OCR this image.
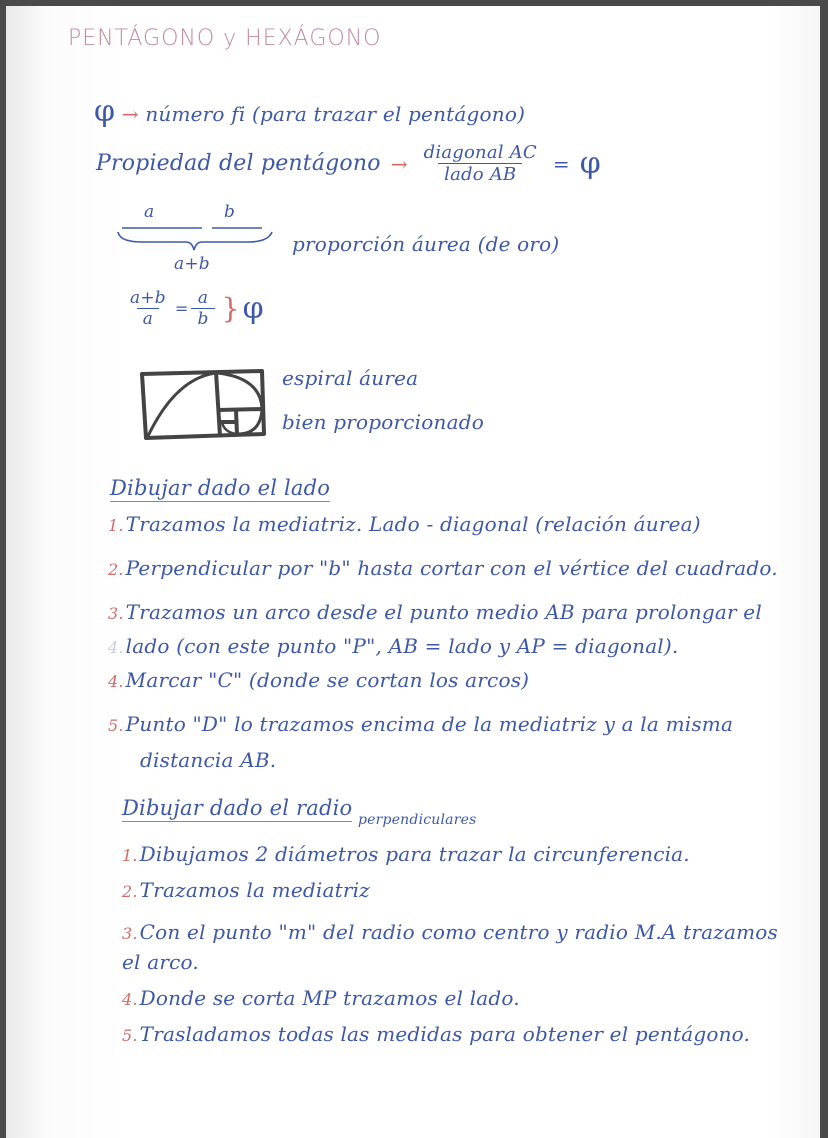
PENTÁGONO y HEXÁGONO
φ → número fi (para trazar el pentágono)
Propiedad del pentágono → $\frac{\text{diagonal AC}}{\text{lado AB}} = \varphi$
a	b
a+b
proporción áurea (de oro)
$\frac{a+b}{a} = \frac{a}{b}$ } φ
espiral áurea
bien proporcionado
Dibujar dado el lado
1. Trazamos la mediatriz. Lado - diagonal (relación áurea)
2. Perpendicular por "b" hasta cortar con el vértice del cuadrado.
3. Trazamos un arco desde el punto medio AB para prolongar el
4. lado (con este punto "P", AB = lado y AP = diagonal).
4. Marcar "C" (donde se cortan los arcos)
5. Punto "D" lo trazamos encima de la mediatriz y a la misma
distancia AB.
Dibujar dado el radio perpendiculares
1. Dibujamos 2 diámetros para trazar la circunferencia.
2. Trazamos la mediatriz
3. Con el punto "m" del radio como centro y radio M.A trazamos
el arco.
4. Donde se corta MP trazamos el lado.
5. Trasladamos todas las medidas para obtener el pentágono.
